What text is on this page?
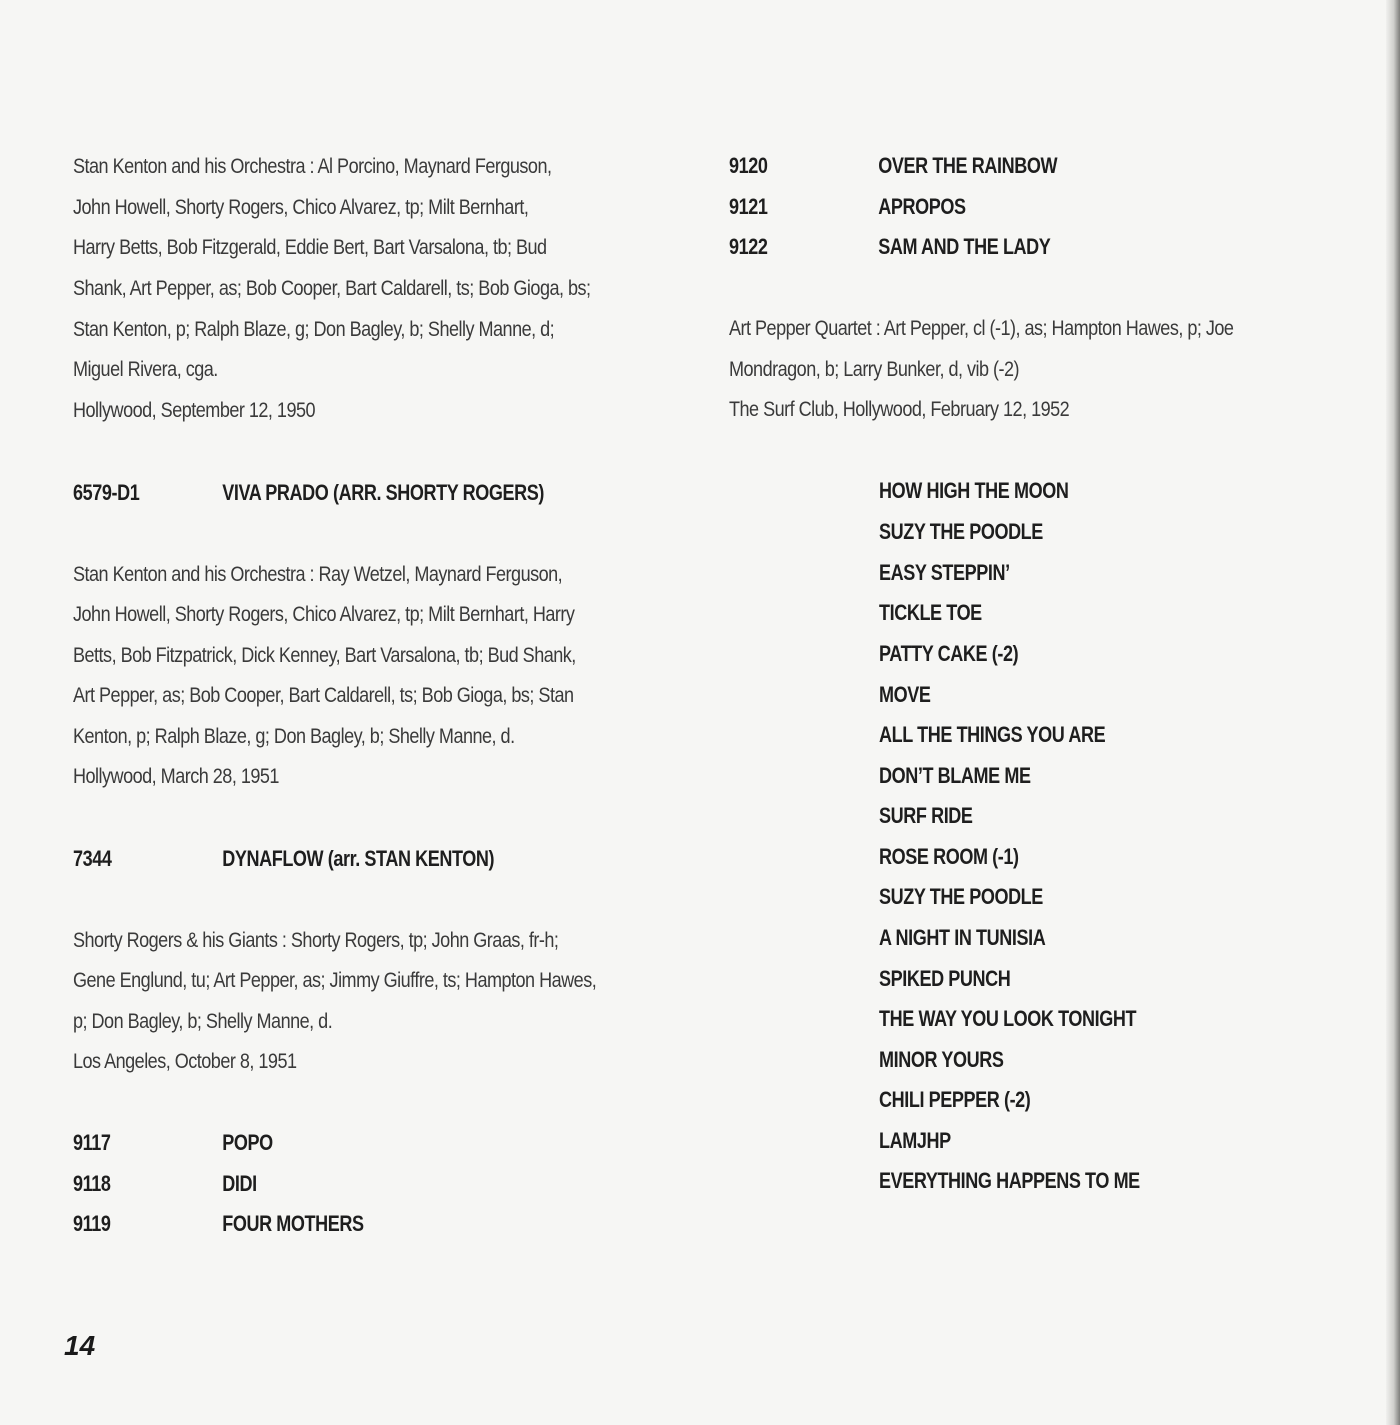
Stan Kenton and his Orchestra : Al Porcino, Maynard Ferguson,
John Howell, Shorty Rogers, Chico Alvarez, tp; Milt Bernhart,
Harry Betts, Bob Fitzgerald, Eddie Bert, Bart Varsalona, tb; Bud
Shank, Art Pepper, as; Bob Cooper, Bart Caldarell, ts; Bob Gioga, bs;
Stan Kenton, p; Ralph Blaze, g; Don Bagley, b; Shelly Manne, d;
Miguel Rivera, cga.
Hollywood, September 12, 1950
6579-D1	VIVA PRADO (ARR. SHORTY ROGERS)
Stan Kenton and his Orchestra : Ray Wetzel, Maynard Ferguson,
John Howell, Shorty Rogers, Chico Alvarez, tp; Milt Bernhart, Harry
Betts, Bob Fitzpatrick, Dick Kenney, Bart Varsalona, tb; Bud Shank,
Art Pepper, as; Bob Cooper, Bart Caldarell, ts; Bob Gioga, bs; Stan
Kenton, p; Ralph Blaze, g; Don Bagley, b; Shelly Manne, d.
Hollywood, March 28, 1951
7344	DYNAFLOW (arr. STAN KENTON)
Shorty Rogers & his Giants : Shorty Rogers, tp; John Graas, fr-h;
Gene Englund, tu; Art Pepper, as; Jimmy Giuffre, ts; Hampton Hawes,
p; Don Bagley, b; Shelly Manne, d.
Los Angeles, October 8, 1951
9117	POPO
9118	DIDI
9119	FOUR MOTHERS
14
9120	OVER THE RAINBOW
9121	APROPOS
9122	SAM AND THE LADY
Art Pepper Quartet : Art Pepper, cl (-1), as; Hampton Hawes, p; Joe
Mondragon, b; Larry Bunker, d, vib (-2)
The Surf Club, Hollywood, February 12, 1952
HOW HIGH THE MOON
SUZY THE POODLE
EASY STEPPIN’
TICKLE TOE
PATTY CAKE (-2)
MOVE
ALL THE THINGS YOU ARE
DON’T BLAME ME
SURF RIDE
ROSE ROOM (-1)
SUZY THE POODLE
A NIGHT IN TUNISIA
SPIKED PUNCH
THE WAY YOU LOOK TONIGHT
MINOR YOURS
CHILI PEPPER (-2)
LAMJHP
EVERYTHING HAPPENS TO ME
